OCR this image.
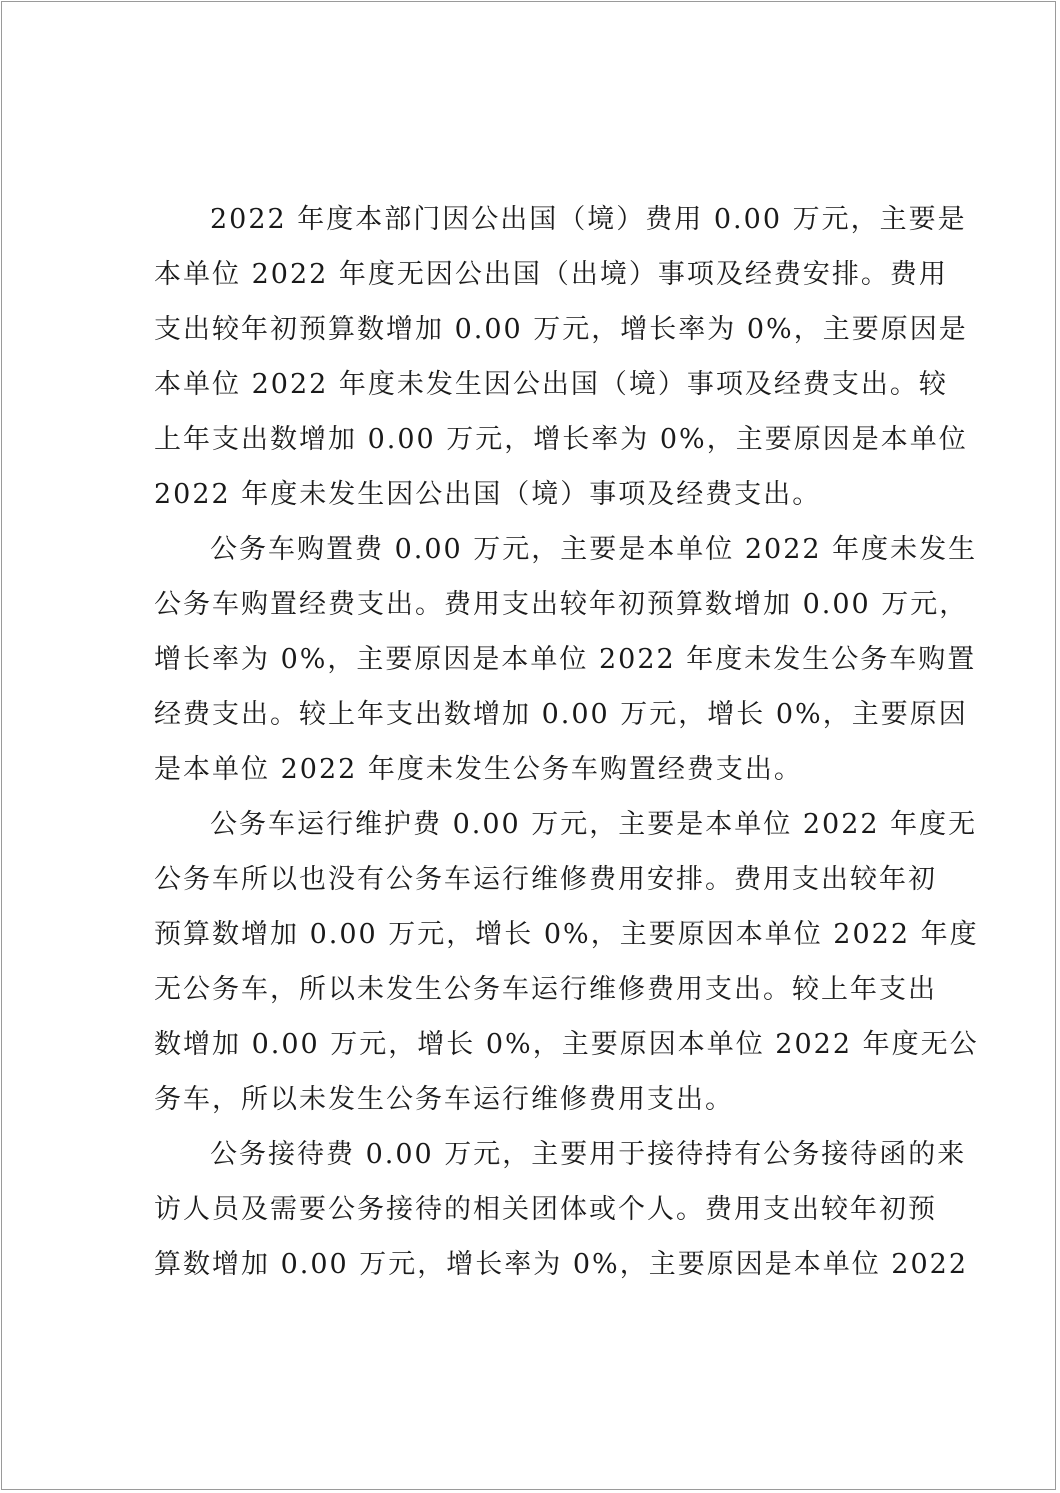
2022 年度本部门因公出国（境）费用 0.00 万元，主要是
本单位 2022 年度无因公出国（出境）事项及经费安排。费用
支出较年初预算数增加 0.00 万元，增长率为 0%，主要原因是
本单位 2022 年度未发生因公出国（境）事项及经费支出。较
上年支出数增加 0.00 万元，增长率为 0%，主要原因是本单位
2022 年度未发生因公出国（境）事项及经费支出。

公务车购置费 0.00 万元，主要是本单位 2022 年度未发生
公务车购置经费支出。费用支出较年初预算数增加 0.00 万元，
增长率为 0%，主要原因是本单位 2022 年度未发生公务车购置
经费支出。较上年支出数增加 0.00 万元，增长 0%，主要原因
是本单位 2022 年度未发生公务车购置经费支出。

公务车运行维护费 0.00 万元，主要是本单位 2022 年度无
公务车所以也没有公务车运行维修费用安排。费用支出较年初
预算数增加 0.00 万元，增长 0%，主要原因本单位 2022 年度
无公务车，所以未发生公务车运行维修费用支出。较上年支出
数增加 0.00 万元，增长 0%，主要原因本单位 2022 年度无公
务车，所以未发生公务车运行维修费用支出。

公务接待费 0.00 万元，主要用于接待持有公务接待函的来
访人员及需要公务接待的相关团体或个人。费用支出较年初预
算数增加 0.00 万元，增长率为 0%，主要原因是本单位 2022
